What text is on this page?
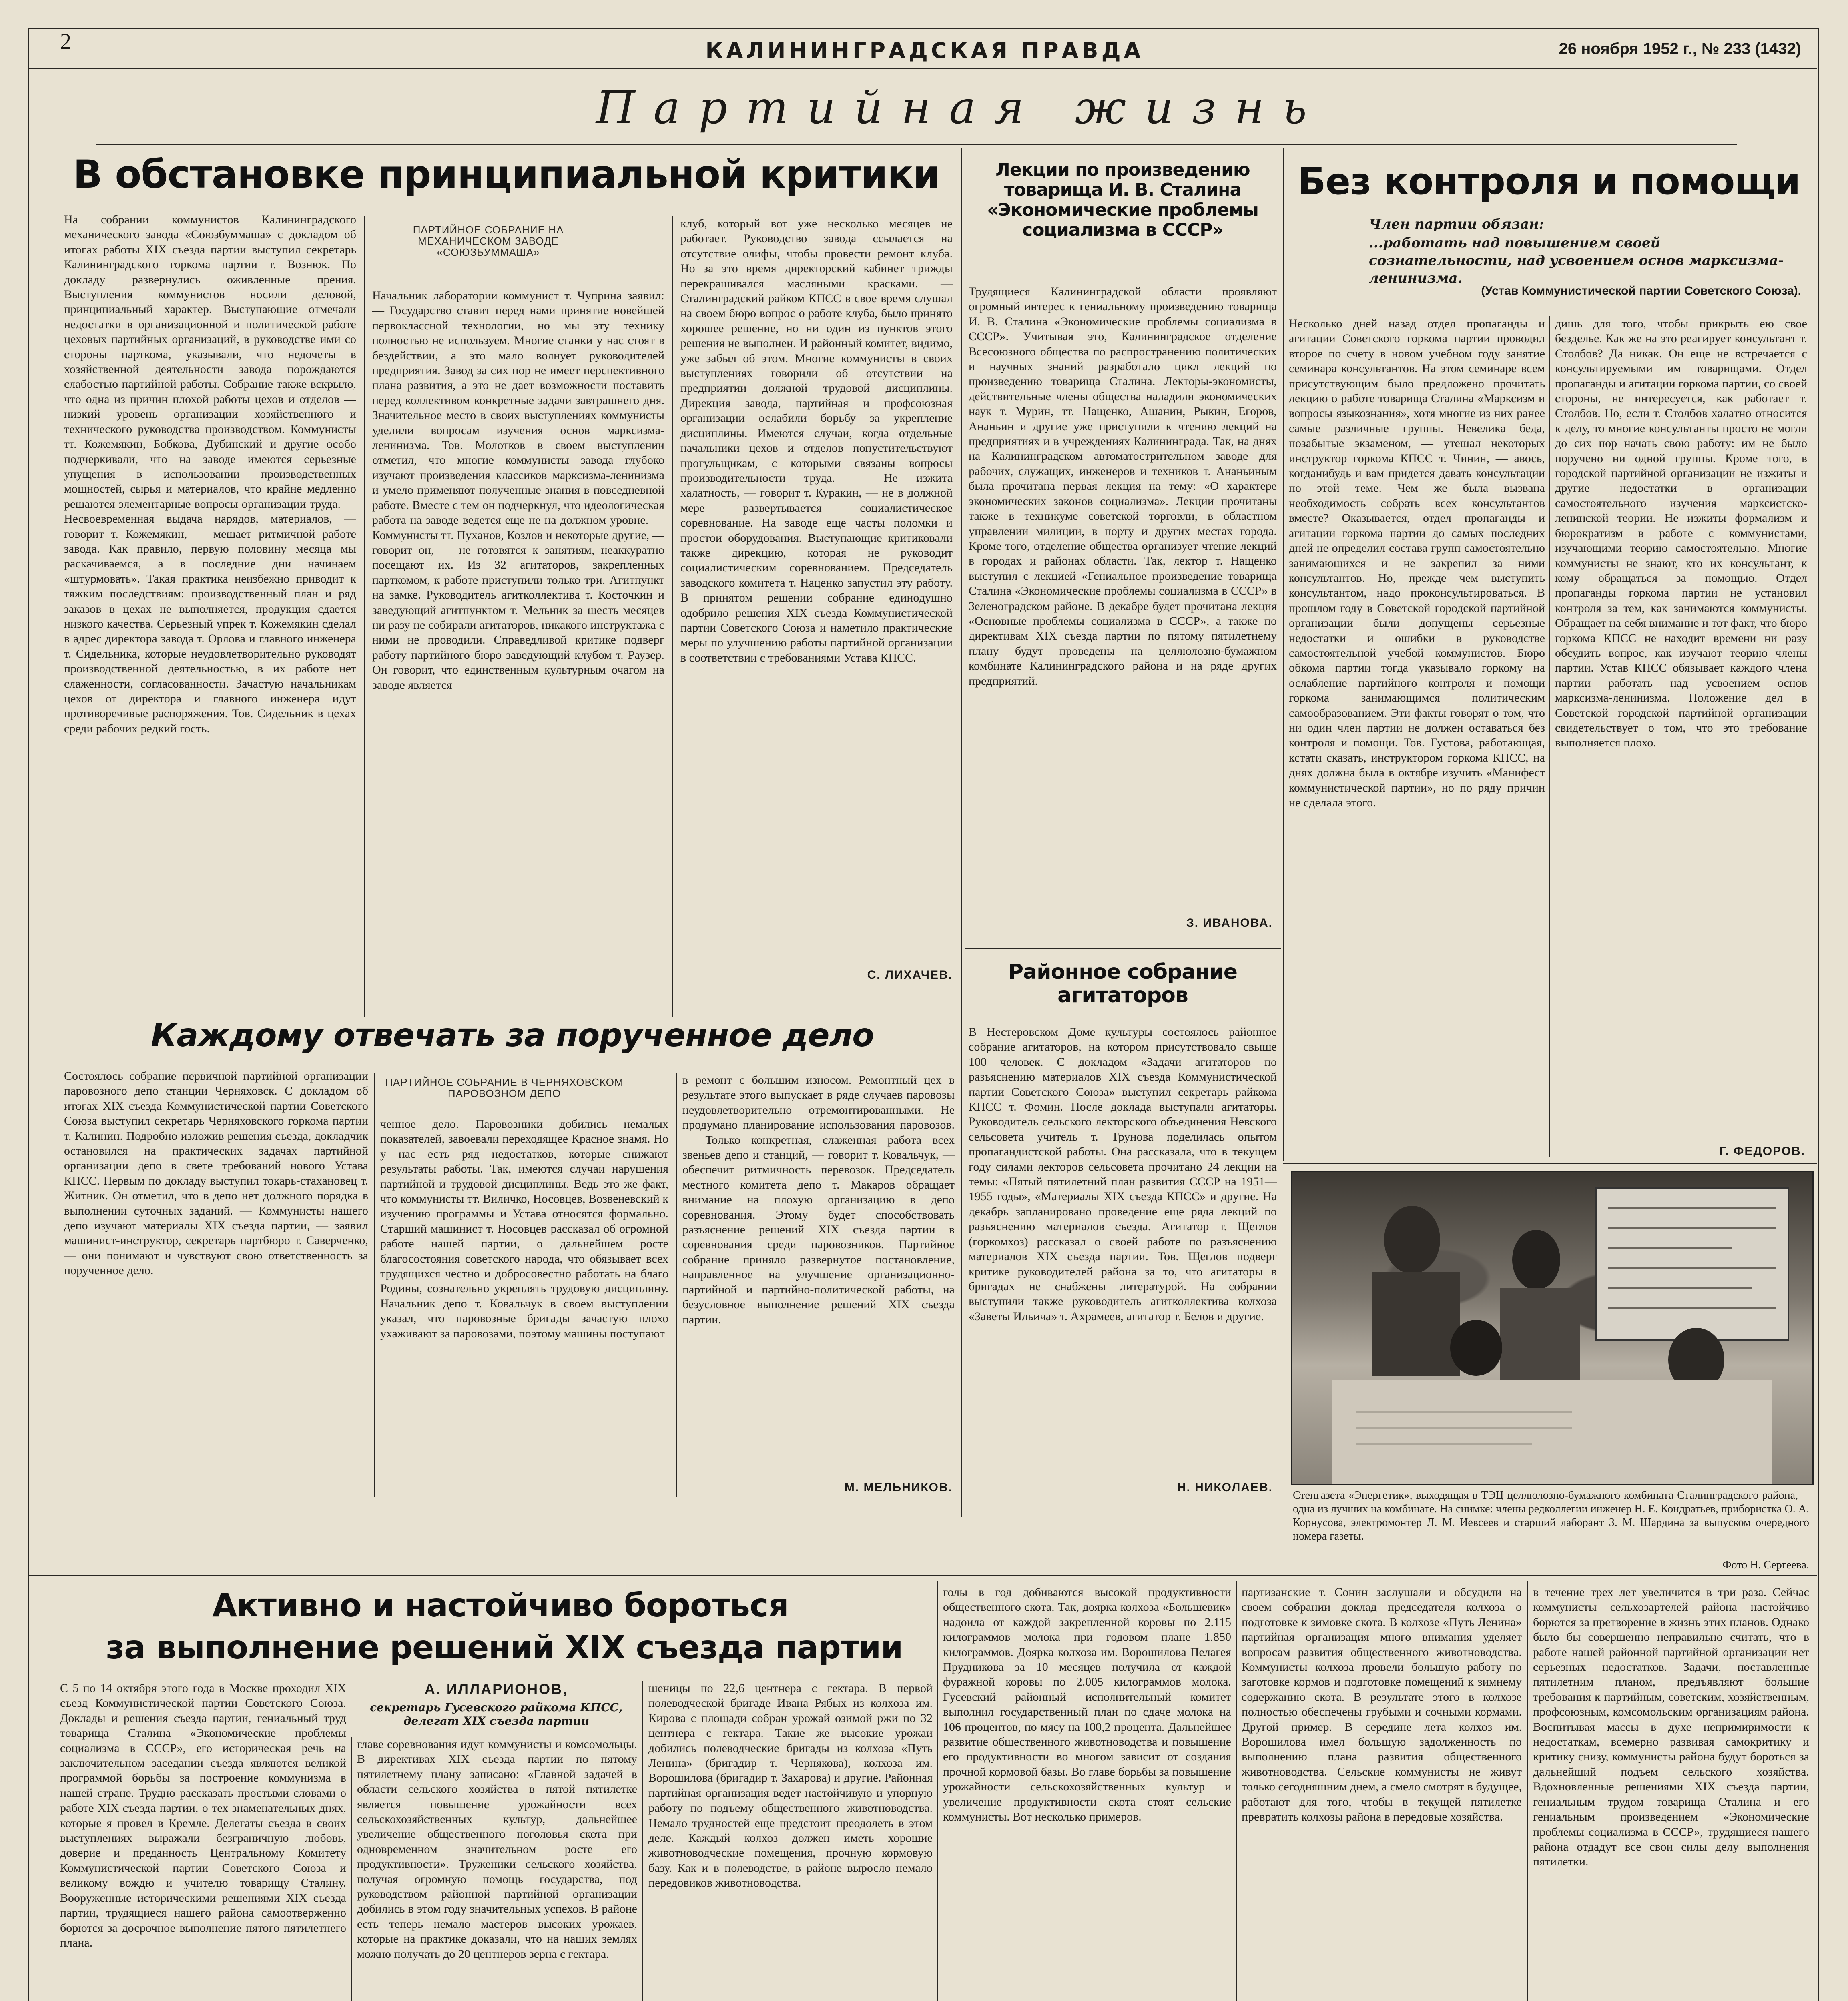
2	КАЛИНИНГРАДСКАЯ ПРАВДА	26 ноября 1952 г., № 233 (1432)
Партийная жизнь
В обстановке принципиальной критики
ПАРТИЙНОЕ СОБРАНИЕ НА МЕХАНИЧЕСКОМ ЗАВОДЕ «СОЮЗБУММАША»
На собрании коммунистов Калининградского механического завода «Союзбуммаша» с докладом об итогах работы XIX съезда партии выступил секретарь Калининградского горкома партии т. Вознюк. По докладу развернулись оживленные прения. Выступления коммунистов носили деловой, принципиальный характер. Выступающие отмечали недостатки в организационной и политической работе цеховых партийных организаций, в руководстве ими со стороны парткома, указывали, что недочеты в хозяйственной деятельности завода порождаются слабостью партийной работы. Собрание также вскрыло, что одна из причин плохой работы цехов и отделов — низкий уровень организации хозяйственного и технического руководства производством. Коммунисты тт. Кожемякин, Бобкова, Дубинский и другие особо подчеркивали, что на заводе имеются серьезные упущения в использовании производственных мощностей, сырья и материалов, что крайне медленно решаются элементарные вопросы организации труда. — Несвоевременная выдача нарядов, материалов, — говорит т. Кожемякин, — мешает ритмичной работе завода. Как правило, первую половину месяца мы раскачиваемся, а в последние дни начинаем «штурмовать». Такая практика неизбежно приводит к тяжким последствиям: производственный план и ряд заказов в цехах не выполняется, продукция сдается низкого качества. Серьезный упрек т. Кожемякин сделал в адрес директора завода т. Орлова и главного инженера т. Сидельника, которые неудовлетворительно руководят производственной деятельностью, в их работе нет слаженности, согласованности. Зачастую начальникам цехов от директора и главного инженера идут противоречивые распоряжения. Тов. Сидельник в цехах среди рабочих редкий гость.
Начальник лаборатории коммунист т. Чуприна заявил: — Государство ставит перед нами принятие новейшей первоклассной технологии, но мы эту технику полностью не используем. Многие станки у нас стоят в бездействии, а это мало волнует руководителей предприятия. Завод за сих пор не имеет перспективного плана развития, а это не дает возможности поставить перед коллективом конкретные задачи завтрашнего дня. Значительное место в своих выступлениях коммунисты уделили вопросам изучения основ марксизма-ленинизма. Тов. Молотков в своем выступлении отметил, что многие коммунисты завода глубоко изучают произведения классиков марксизма-ленинизма и умело применяют полученные знания в повседневной работе. Вместе с тем он подчеркнул, что идеологическая работа на заводе ведется еще не на должном уровне. — Коммунисты тт. Пуханов, Козлов и некоторые другие, — говорит он, — не готовятся к занятиям, неаккуратно посещают их. Из 32 агитаторов, закрепленных парткомом, к работе приступили только три. Агитпункт на замке. Руководитель агитколлектива т. Косточкин и заведующий агитпунктом т. Мельник за шесть месяцев ни разу не собирали агитаторов, никакого инструктажа с ними не проводили. Справедливой критике подверг работу партийного бюро заведующий клубом т. Раузер. Он говорит, что единственным культурным очагом на заводе является
клуб, который вот уже несколько месяцев не работает. Руководство завода ссылается на отсутствие олифы, чтобы провести ремонт клуба. Но за это время директорский кабинет трижды перекрашивался масляными красками. — Сталинградский райком КПСС в свое время слушал на своем бюро вопрос о работе клуба, было принято хорошее решение, но ни один из пунктов этого решения не выполнен. И районный комитет, видимо, уже забыл об этом. Многие коммунисты в своих выступлениях говорили об отсутствии на предприятии должной трудовой дисциплины. Дирекция завода, партийная и профсоюзная организации ослабили борьбу за укрепление дисциплины. Имеются случаи, когда отдельные начальники цехов и отделов попустительствуют прогульщикам, с которыми связаны вопросы производительности труда. — Не изжита халатность, — говорит т. Куракин, — не в должной мере развертывается социалистическое соревнование. На заводе еще часты поломки и простои оборудования. Выступающие критиковали также дирекцию, которая не руководит социалистическим соревнованием. Председатель заводского комитета т. Наценко запустил эту работу. В принятом решении собрание единодушно одобрило решения XIX съезда Коммунистической партии Советского Союза и наметило практические меры по улучшению работы партийной организации в соответствии с требованиями Устава КПСС.
С. ЛИХАЧЕВ.
Лекции по произведению товарища И. В. Сталина «Экономические проблемы социализма в СССР»
Трудящиеся Калининградской области проявляют огромный интерес к гениальному произведению товарища И. В. Сталина «Экономические проблемы социализма в СССР». Учитывая это, Калининградское отделение Всесоюзного общества по распространению политических и научных знаний разработало цикл лекций по произведению товарища Сталина. Лекторы-экономисты, действительные члены общества наладили экономических наук т. Мурин, тт. Нащенко, Ашанин, Рыкин, Егоров, Ананьин и другие уже приступили к чтению лекций на предприятиях и в учреждениях Калининграда. Так, на днях на Калининградском автоматострительном заводе для рабочих, служащих, инженеров и техников т. Ананьиным была прочитана первая лекция на тему: «О характере экономических законов социализма». Лекции прочитаны также в техникуме советской торговли, в областном управлении милиции, в порту и других местах города. Кроме того, отделение общества организует чтение лекций в городах и районах области. Так, лектор т. Нащенко выступил с лекцией «Гениальное произведение товарища Сталина «Экономические проблемы социализма в СССР» в Зеленоградском районе. В декабре будет прочитана лекция «Основные проблемы социализма в СССР», а также по директивам XIX съезда партии по пятому пятилетнему плану будут проведены на целлюлозно-бумажном комбинате Калининградского района и на ряде других предприятий.
З. ИВАНОВА.
Без контроля и помощи
Член партии обязан:
...работать над повышением своей сознательности, над усвоением основ марксизма-ленинизма.
(Устав Коммунистической партии Советского Союза).
Несколько дней назад отдел пропаганды и агитации Советского горкома партии проводил второе по счету в новом учебном году занятие семинара консультантов. На этом семинаре всем присутствующим было предложено прочитать лекцию о работе товарища Сталина «Марксизм и вопросы языкознания», хотя многие из них ранее самые различные группы. Невелика беда, позабытые экзаменом, — утешал некоторых инструктор горкома КПСС т. Чинин, — авось, когданибудь и вам придется давать консультации по этой теме. Чем же была вызвана необходимость собрать всех консультантов вместе? Оказывается, отдел пропаганды и агитации горкома партии до самых последних дней не определил состава групп самостоятельно занимающихся и не закрепил за ними консультантов. Но, прежде чем выступить консультантом, надо проконсультироваться. В прошлом году в Советской городской партийной организации были допущены серьезные недостатки и ошибки в руководстве самостоятельной учебой коммунистов. Бюро обкома партии тогда указывало горкому на ослабление партийного контроля и помощи горкома занимающимся политическим самообразованием. Эти факты говорят о том, что ни один член партии не должен оставаться без контроля и помощи. Тов. Густова, работающая, кстати сказать, инструктором горкома КПСС, на днях должна была в октябре изучить «Манифест коммунистической партии», но по ряду причин не сделала этого.
дишь для того, чтобы прикрыть ею свое безделье. Как же на это реагирует консультант т. Столбов? Да никак. Он еще не встречается с консультируемыми им товарищами. Отдел пропаганды и агитации горкома партии, со своей стороны, не интересуется, как работает т. Столбов. Но, если т. Столбов халатно относится к делу, то многие консультанты просто не могли до сих пор начать свою работу: им не было поручено ни одной группы. Кроме того, в городской партийной организации не изжиты и другие недостатки в организации самостоятельного изучения марксистско-ленинской теории. Не изжиты формализм и бюрократизм в работе с коммунистами, изучающими теорию самостоятельно. Многие коммунисты не знают, кто их консультант, к кому обращаться за помощью. Отдел пропаганды горкома партии не установил контроля за тем, как занимаются коммунисты. Обращает на себя внимание и тот факт, что бюро горкома КПСС не находит времени ни разу обсудить вопрос, как изучают теорию члены партии. Устав КПСС обязывает каждого члена партии работать над усвоением основ марксизма-ленинизма. Положение дел в Советской городской партийной организации свидетельствует о том, что это требование выполняется плохо.
Г. ФЕДОРОВ.
Каждому отвечать за порученное дело
ПАРТИЙНОЕ СОБРАНИЕ В ЧЕРНЯХОВСКОМ ПАРОВОЗНОМ ДЕПО
Состоялось собрание первичной партийной организации паровозного депо станции Черняховск. С докладом об итогах XIX съезда Коммунистической партии Советского Союза выступил секретарь Черняховского горкома партии т. Калинин. Подробно изложив решения съезда, докладчик остановился на практических задачах партийной организации депо в свете требований нового Устава КПСС. Первым по докладу выступил токарь-стахановец т. Житник. Он отметил, что в депо нет должного порядка в выполнении суточных заданий. — Коммунисты нашего депо изучают материалы XIX съезда партии, — заявил машинист-инструктор, секретарь партбюро т. Саверченко, — они понимают и чувствуют свою ответственность за порученное дело.
ченное дело. Паровозники добились немалых показателей, завоевали переходящее Красное знамя. Но у нас есть ряд недостатков, которые снижают результаты работы. Так, имеются случаи нарушения партийной и трудовой дисциплины. Ведь это же факт, что коммунисты тт. Виличко, Носовцев, Возвеневский к изучению программы и Устава относятся формально. Старший машинист т. Носовцев рассказал об огромной работе нашей партии, о дальнейшем росте благосостояния советского народа, что обязывает всех трудящихся честно и добросовестно работать на благо Родины, сознательно укреплять трудовую дисциплину. Начальник депо т. Ковальчук в своем выступлении указал, что паровозные бригады зачастую плохо ухаживают за паровозами, поэтому машины поступают
в ремонт с большим износом. Ремонтный цех в результате этого выпускает в ряде случаев паровозы неудовлетворительно отремонтированными. Не продумано планирование использования паровозов. — Только конкретная, слаженная работа всех звеньев депо и станций, — говорит т. Ковальчук, — обеспечит ритмичность перевозок. Председатель местного комитета депо т. Макаров обращает внимание на плохую организацию в депо соревнования. Этому будет способствовать разъяснение решений XIX съезда партии в соревнования среди паровозников. Партийное собрание приняло развернутое постановление, направленное на улучшение организационно-партийной и партийно-политической работы, на безусловное выполнение решений XIX съезда партии.
М. МЕЛЬНИКОВ.
Районное собрание агитаторов
В Нестеровском Доме культуры состоялось районное собрание агитаторов, на котором присутствовало свыше 100 человек. С докладом «Задачи агитаторов по разъяснению материалов XIX съезда Коммунистической партии Советского Союза» выступил секретарь райкома КПСС т. Фомин. После доклада выступали агитаторы. Руководитель сельского лекторского объединения Невского сельсовета учитель т. Трунова поделилась опытом пропагандистской работы. Она рассказала, что в текущем году силами лекторов сельсовета прочитано 24 лекции на темы: «Пятый пятилетний план развития СССР на 1951—1955 годы», «Материалы XIX съезда КПСС» и другие. На декабрь запланировано проведение еще ряда лекций по разъяснению материалов съезда. Агитатор т. Щеглов (горкомхоз) рассказал о своей работе по разъяснению материалов XIX съезда партии. Тов. Щеглов подверг критике руководителей района за то, что агитаторы в бригадах не снабжены литературой. На собрании выступили также руководитель агитколлектива колхоза «Заветы Ильича» т. Ахрамеев, агитатор т. Белов и другие.
Н. НИКОЛАЕВ.
Стенгазета «Энергетик», выходящая в ТЭЦ целлюлозно-бумажного комбината Сталинградского района,— одна из лучших на комбинате. На снимке: члены редколлегии инженер Н. Е. Кондратьев, прибористка О. А. Корнусова, электромонтер Л. М. Иевсеев и старший лаборант З. М. Шардина за выпуском очередного номера газеты.
Фото Н. Сергеева.
Активно и настойчиво бороться
за выполнение решений XIX съезда партии
А. ИЛЛАРИОНОВ,
секретарь Гусевского райкома КПСС, делегат XIX съезда партии
С 5 по 14 октября этого года в Москве проходил XIX съезд Коммунистической партии Советского Союза. Доклады и решения съезда партии, гениальный труд товарища Сталина «Экономические проблемы социализма в СССР», его историческая речь на заключительном заседании съезда являются великой программой борьбы за построение коммунизма в нашей стране. Трудно рассказать простыми словами о работе XIX съезда партии, о тех знаменательных днях, которые я провел в Кремле. Делегаты съезда в своих выступлениях выражали безграничную любовь, доверие и преданность Центральному Комитету Коммунистической партии Советского Союза и великому вождю и учителю товарищу Сталину. Вооруженные историческими решениями XIX съезда партии, трудящиеся нашего района самоотверженно борются за досрочное выполнение пятого пятилетнего плана.
главе соревнования идут коммунисты и комсомольцы. В директивах XIX съезда партии по пятому пятилетнему плану записано: «Главной задачей в области сельского хозяйства в пятой пятилетке является повышение урожайности всех сельскохозяйственных культур, дальнейшее увеличение общественного поголовья скота при одновременном значительном росте его продуктивности». Труженики сельского хозяйства, получая огромную помощь государства, под руководством районной партийной организации добились в этом году значительных успехов. В районе есть теперь немало мастеров высоких урожаев, которые на практике доказали, что на наших землях можно получать до 20 центнеров зерна с гектара.
шеницы по 22,6 центнера с гектара. В первой полеводческой бригаде Ивана Рябых из колхоза им. Кирова с площади собран урожай озимой ржи по 32 центнера с гектара. Такие же высокие урожаи добились полеводческие бригады из колхоза «Путь Ленина» (бригадир т. Чернякова), колхоза им. Ворошилова (бригадир т. Захарова) и другие. Районная партийная организация ведет настойчивую и упорную работу по подъему общественного животноводства. Немало трудностей еще предстоит преодолеть в этом деле. Каждый колхоз должен иметь хорошие животноводческие помещения, прочную кормовую базу. Как и в полеводстве, в районе выросло немало передовиков животноводства.
голы в год добиваются высокой продуктивности общественного скота. Так, доярка колхоза «Большевик» надоила от каждой закрепленной коровы по 2.115 килограммов молока при годовом плане 1.850 килограммов. Доярка колхоза им. Ворошилова Пелагея Прудникова за 10 месяцев получила от каждой фуражной коровы по 2.005 килограммов молока. Гусевский районный исполнительный комитет выполнил государственный план по сдаче молока на 106 процентов, по мясу на 100,2 процента. Дальнейшее развитие общественного животноводства и повышение его продуктивности во многом зависит от создания прочной кормовой базы. Во главе борьбы за повышение урожайности сельскохозяйственных культур и увеличение продуктивности скота стоят сельские коммунисты. Вот несколько примеров.
партизанские т. Сонин заслушали и обсудили на своем собрании доклад председателя колхоза о подготовке к зимовке скота. В колхозе «Путь Ленина» партийная организация много внимания уделяет вопросам развития общественного животноводства. Коммунисты колхоза провели большую работу по заготовке кормов и подготовке помещений к зимнему содержанию скота. В результате этого в колхозе полностью обеспечены грубыми и сочными кормами. Другой пример. В середине лета колхоз им. Ворошилова имел большую задолженность по выполнению плана развития общественного животноводства. Сельские коммунисты не живут только сегодняшним днем, а смело смотрят в будущее, работают для того, чтобы в текущей пятилетке превратить колхозы района в передовые хозяйства.
в течение трех лет увеличится в три раза. Сейчас коммунисты сельхозартелей района настойчиво борются за претворение в жизнь этих планов. Однако было бы совершенно неправильно считать, что в работе нашей районной партийной организации нет серьезных недостатков. Задачи, поставленные пятилетним планом, предъявляют большие требования к партийным, советским, хозяйственным, профсоюзным, комсомольским организациям района. Воспитывая массы в духе непримиримости к недостаткам, всемерно развивая самокритику и критику снизу, коммунисты района будут бороться за дальнейший подъем сельского хозяйства. Вдохновленные решениями XIX съезда партии, гениальным трудом товарища Сталина и его гениальным произведением «Экономические проблемы социализма в СССР», трудящиеся нашего района отдадут все свои силы делу выполнения пятилетки.
